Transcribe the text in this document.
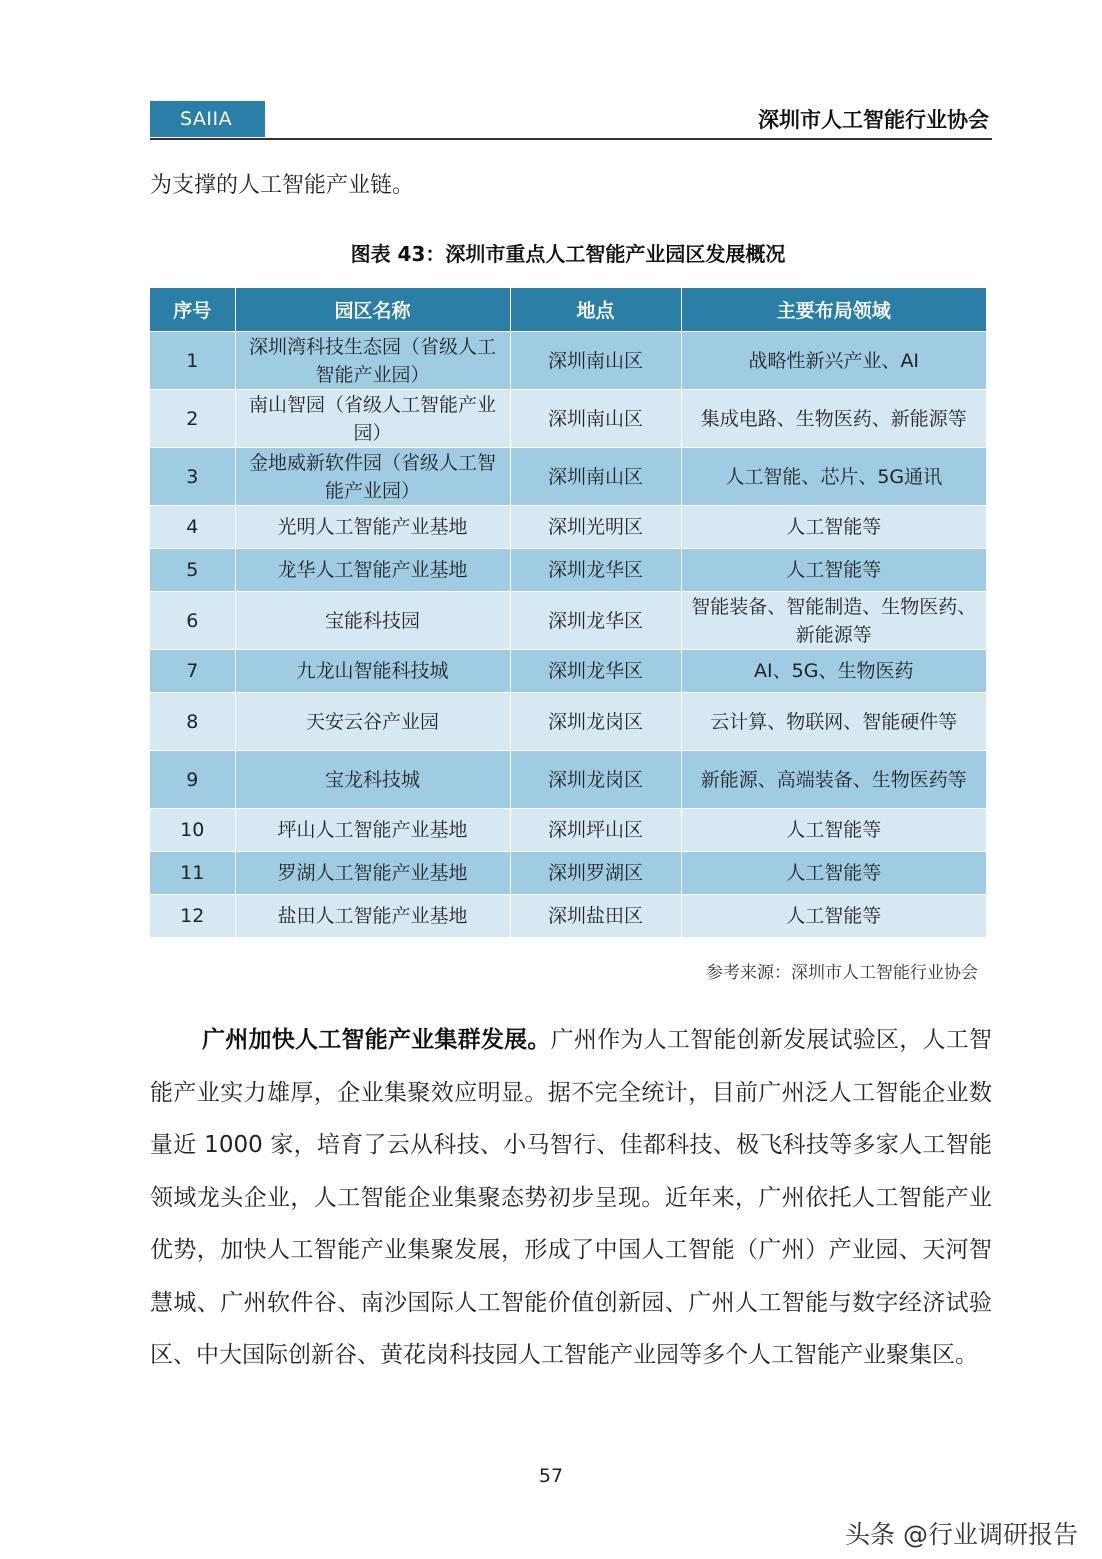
SAIIA	深圳市人工智能行业协会
为支撑的人工智能产业链。
图表 43：深圳市重点人工智能产业园区发展概况
序号	园区名称	地点	主要布局领域
1	深圳湾科技生态园（省级人工智能产业园）	深圳南山区	战略性新兴产业、AI
2	南山智园（省级人工智能产业园）	深圳南山区	集成电路、生物医药、新能源等
3	金地威新软件园（省级人工智能产业园）	深圳南山区	人工智能、芯片、5G通讯
4	光明人工智能产业基地	深圳光明区	人工智能等
5	龙华人工智能产业基地	深圳龙华区	人工智能等
6	宝能科技园	深圳龙华区	智能装备、智能制造、生物医药、新能源等
7	九龙山智能科技城	深圳龙华区	AI、5G、生物医药
8	天安云谷产业园	深圳龙岗区	云计算、物联网、智能硬件等
9	宝龙科技城	深圳龙岗区	新能源、高端装备、生物医药等
10	坪山人工智能产业基地	深圳坪山区	人工智能等
11	罗湖人工智能产业基地	深圳罗湖区	人工智能等
12	盐田人工智能产业基地	深圳盐田区	人工智能等
参考来源：深圳市人工智能行业协会

广州加快人工智能产业集群发展。广州作为人工智能创新发展试验区，人工智能产业实力雄厚，企业集聚效应明显。据不完全统计，目前广州泛人工智能企业数量近 1000 家，培育了云从科技、小马智行、佳都科技、极飞科技等多家人工智能领域龙头企业，人工智能企业集聚态势初步呈现。近年来，广州依托人工智能产业优势，加快人工智能产业集聚发展，形成了中国人工智能（广州）产业园、天河智慧城、广州软件谷、南沙国际人工智能价值创新园、广州人工智能与数字经济试验区、中大国际创新谷、黄花岗科技园人工智能产业园等多个人工智能产业聚集区。

57
头条 @行业调研报告
